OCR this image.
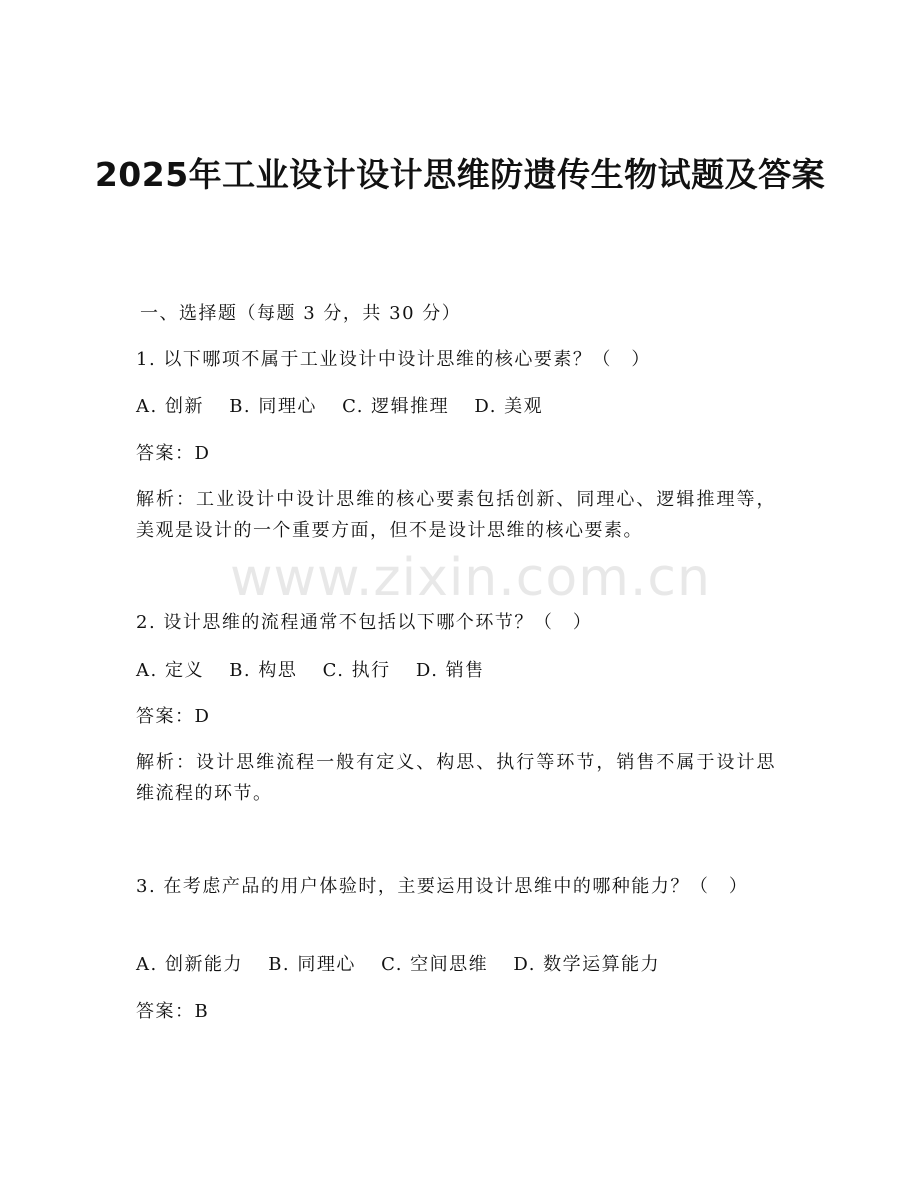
2025年工业设计设计思维防遗传生物试题及答案
一、选择题（每题 3 分，共 30 分）
1. 以下哪项不属于工业设计中设计思维的核心要素？（　）
A. 创新 B. 同理心 C. 逻辑推理 D. 美观
答案：D
解析：工业设计中设计思维的核心要素包括创新、同理心、逻辑推理等，美观是设计的一个重要方面，但不是设计思维的核心要素。
www.zixin.com.cn
2. 设计思维的流程通常不包括以下哪个环节？（　）
A. 定义 B. 构思 C. 执行 D. 销售
答案：D
解析：设计思维流程一般有定义、构思、执行等环节，销售不属于设计思维流程的环节。
3. 在考虑产品的用户体验时，主要运用设计思维中的哪种能力？（　）
A. 创新能力 B. 同理心 C. 空间思维 D. 数学运算能力
答案：B
